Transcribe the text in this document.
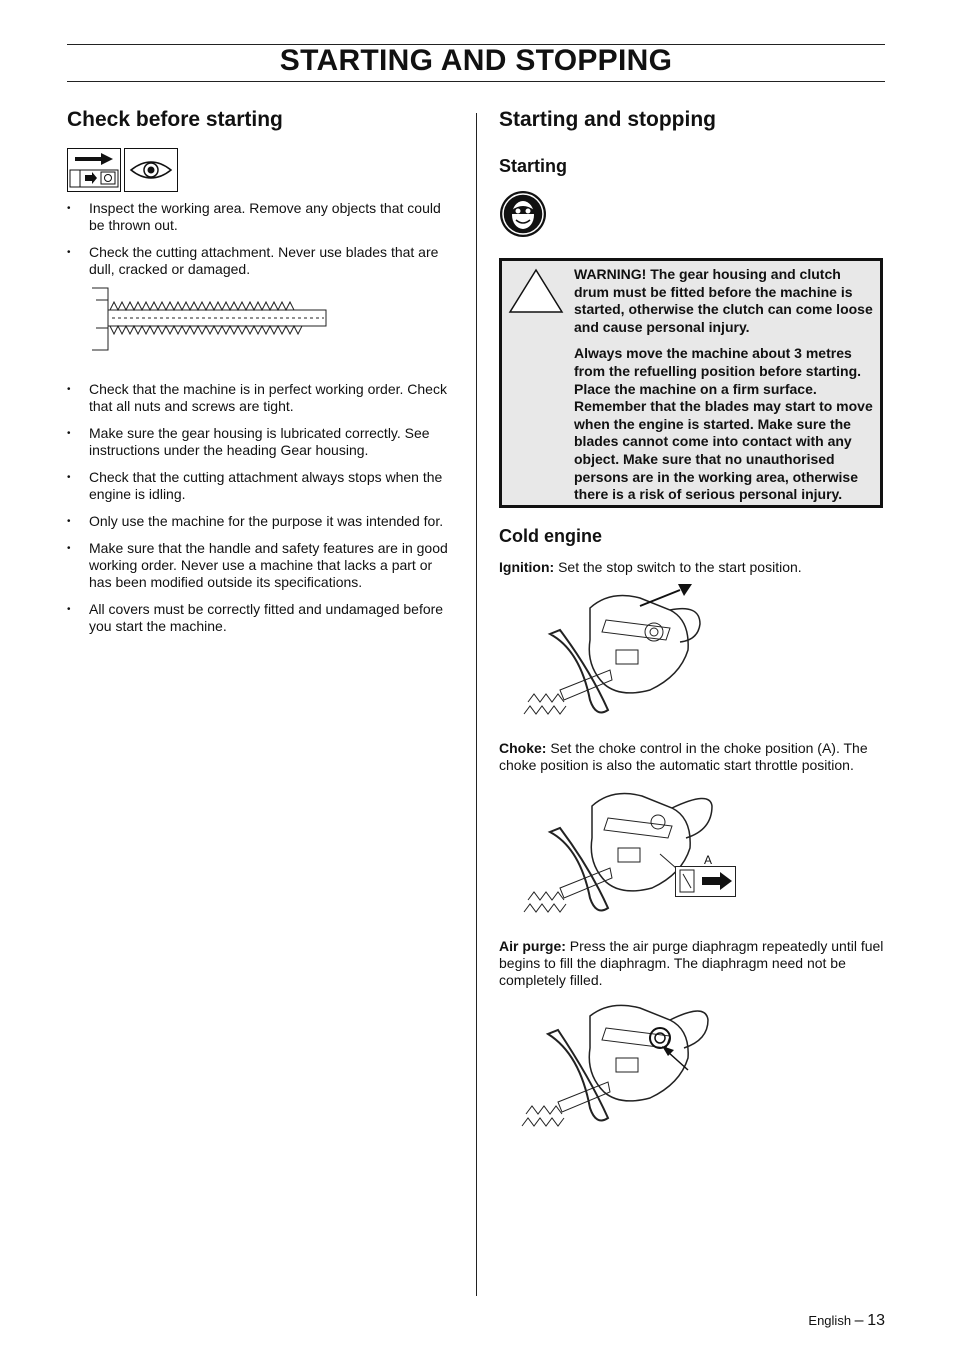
STARTING AND STOPPING
Check before starting
• Inspect the working area. Remove any objects that could be thrown out.
• Check the cutting attachment. Never use blades that are dull, cracked or damaged.
• Check that the machine is in perfect working order. Check that all nuts and screws are tight.
• Make sure the gear housing is lubricated correctly. See instructions under the heading Gear housing.
• Check that the cutting attachment always stops when the engine is idling.
• Only use the machine for the purpose it was intended for.
• Make sure that the handle and safety features are in good working order. Never use a machine that lacks a part or has been modified outside its specifications.
• All covers must be correctly fitted and undamaged before you start the machine.
Starting and stopping
Starting

WARNING! The gear housing and clutch drum must be fitted before the machine is started, otherwise the clutch can come loose and cause personal injury.

Always move the machine about 3 metres from the refuelling position before starting. Place the machine on a firm surface. Remember that the blades may start to move when the engine is started. Make sure the blades cannot come into contact with any object. Make sure that no unauthorised persons are in the working area, otherwise there is a risk of serious personal injury.

Cold engine
Ignition: Set the stop switch to the start position.
Choke: Set the choke control in the choke position (A). The choke position is also the automatic start throttle position.
A
Air purge: Press the air purge diaphragm repeatedly until fuel begins to fill the diaphragm. The diaphragm need not be completely filled.
English – 13
